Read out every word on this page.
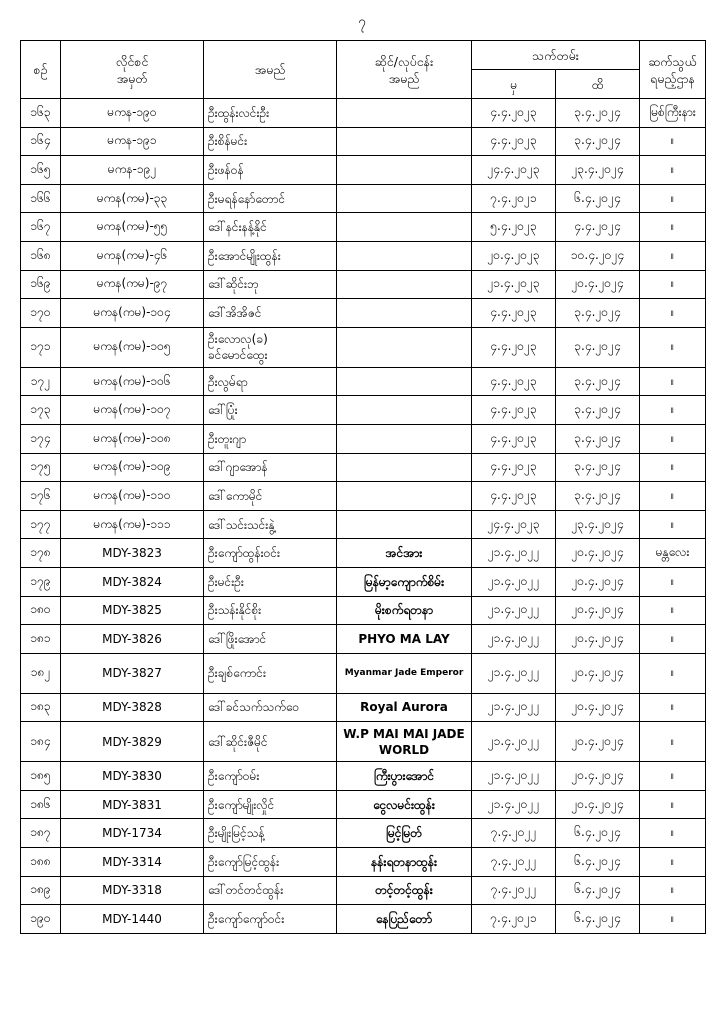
၇
စဉ်	လိုင်စင်
အမှတ်	အမည်	ဆိုင်/လုပ်ငန်း
အမည်	သက်တမ်း		ဆက်သွယ်
ရမည့်ဌာန
				မှ	ထိ	
၁၆၃	မကန-၁၉၀	ဦးထွန်းလင်းဦး		၄.၄.၂၀၂၃	၃.၄.၂၀၂၄	မြစ်ကြီးနား
၁၆၄	မကန-၁၉၁	ဦးစိန်မင်း		၄.၄.၂၀၂၃	၃.၄.၂၀၂၄	။
၁၆၅	မကန-၁၉၂	ဦးဖန်ဝန်		၂၄.၄.၂၀၂၃	၂၃.၄.၂၀၂၄	။
၁၆၆	မကန(ကမ)-၃၃	ဦးမရန်နော်တောင်		၇.၄.၂၀၂၁	၆.၄.၂၀၂၄	။
၁၆၇	မကန(ကမ)-၅၅	ဒေါ်နင်းနန့်နိုင်		၅.၄.၂၀၂၃	၄.၄.၂၀၂၄	။
၁၆၈	မကန(ကမ)-၄၆	ဦးအောင်မျိုးထွန်း		၂၀.၄.၂၀၂၃	၁၀.၄.၂၀၂၄	။
၁၆၉	မကန(ကမ)-၉၇	ဒေါ်ဆိုင်းဘု		၂၁.၄.၂၀၂၃	၂၀.၄.၂၀၂၄	။
၁၇၀	မကန(ကမ)-၁၀၄	ဒေါ်အိအိဇင်		၄.၄.၂၀၂၃	၃.၄.၂၀၂၄	။
၁၇၁	မကန(ကမ)-၁၀၅	ဦးလောလု(ခ)
ခင်မောင်ထွေး		၄.၄.၂၀၂၃	၃.၄.၂၀၂၄	။
၁၇၂	မကန(ကမ)-၁၀၆	ဦးလွမ်ရာ		၄.၄.၂၀၂၃	၃.၄.၂၀၂၄	။
၁၇၃	မကန(ကမ)-၁၀၇	ဒေါ်ပြုံး		၄.၄.၂၀၂၃	၃.၄.၂၀၂၄	။
၁၇၄	မကန(ကမ)-၁၀၈	ဦးတူးဂျာ		၄.၄.၂၀၂၃	၃.၄.၂၀၂၄	။
၁၇၅	မကန(ကမ)-၁၀၉	ဒေါ်ဂျာအောန်		၄.၄.၂၀၂၃	၃.၄.၂၀၂၄	။
၁၇၆	မကန(ကမ)-၁၁၀	ဒေါ်ကောမိုင်		၄.၄.၂၀၂၃	၃.၄.၂၀၂၄	။
၁၇၇	မကန(ကမ)-၁၁၁	ဒေါ်သင်းသင်းနွဲ့		၂၄.၄.၂၀၂၃	၂၃.၄.၂၀၂၄	။
၁၇၈	MDY-3823	ဦးကျော်ထွန်းဝင်း	အင်အား	၂၁.၄.၂၀၂၂	၂၀.၄.၂၀၂၄	မန္တလေး
၁၇၉	MDY-3824	ဦးမင်းဦး	မြန်မာ့ကျောက်စိမ်း	၂၁.၄.၂၀၂၂	၂၀.၄.၂၀၂၄	။
၁၈၀	MDY-3825	ဦးသန်းနိုင်စိုး	မိုးစက်ရတနာ	၂၁.၄.၂၀၂၂	၂၀.၄.၂၀၂၄	။
၁၈၁	MDY-3826	ဒေါ်ဖြိုးအောင်	PHYO MA LAY	၂၁.၄.၂၀၂၂	၂၀.၄.၂၀၂၄	။
၁၈၂	MDY-3827	ဦးချစ်ကောင်း	Myanmar Jade Emperor	၂၁.၄.၂၀၂၂	၂၀.၄.၂၀၂၄	။
၁၈၃	MDY-3828	ဒေါ်ခင်သက်သက်ဝေ	Royal Aurora	၂၁.၄.၂၀၂၂	၂၀.၄.၂၀၂၄	။
၁၈၄	MDY-3829	ဒေါ်ဆိုင်းဇီမိုင်	W.P MAI MAI JADE WORLD	၂၁.၄.၂၀၂၂	၂၀.၄.၂၀၂၄	။
၁၈၅	MDY-3830	ဦးကျော်ဝမ်း	ကြီးပွားအောင်	၂၁.၄.၂၀၂၂	၂၀.၄.၂၀၂၄	။
၁၈၆	MDY-3831	ဦးကျော်မျိုးလှိုင်	ငွေလမင်းထွန်း	၂၁.၄.၂၀၂၂	၂၀.၄.၂၀၂၄	။
၁၈၇	MDY-1734	ဦးမျိုးမြင့်သန့်	မြင့်မြတ်	၇.၄.၂၀၂၂	၆.၄.၂၀၂၄	။
၁၈၈	MDY-3314	ဦးကျော်မြင့်ထွန်း	နန်းရတနာထွန်း	၇.၄.၂၀၂၂	၆.၄.၂၀၂၄	။
၁၈၉	MDY-3318	ဒေါ်တင်တင်ထွန်း	တင့်တင့်ထွန်း	၇.၄.၂၀၂၂	၆.၄.၂၀၂၄	။
၁၉၀	MDY-1440	ဦးကျော်ကျော်ဝင်း	နေပြည်တော်	၇.၄.၂၀၂၁	၆.၄.၂၀၂၄	။
